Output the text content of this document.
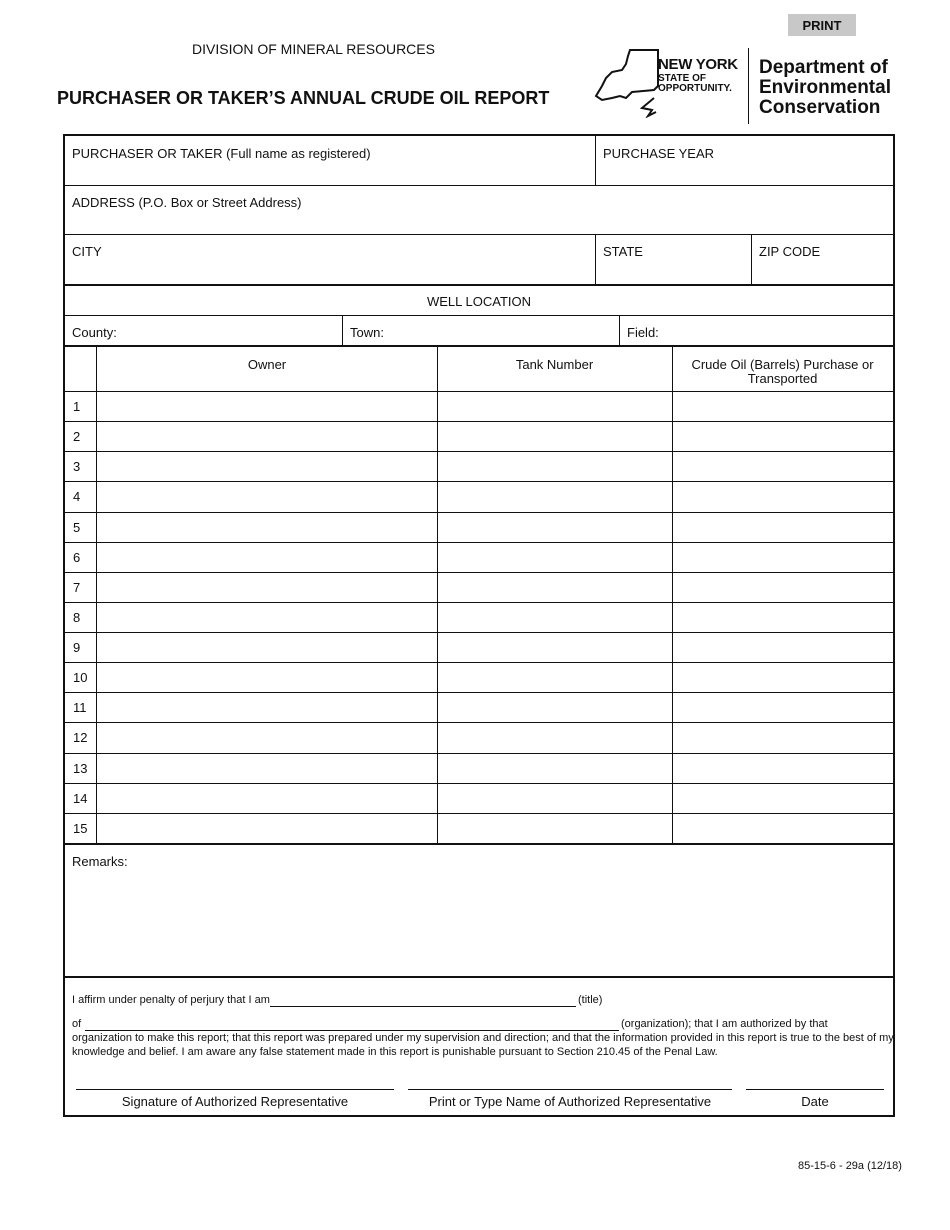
PRINT
DIVISION OF MINERAL RESOURCES
PURCHASER OR TAKER’S ANNUAL CRUDE OIL REPORT
NEW YORK
STATE OF
OPPORTUNITY.
Department of
Environmental
Conservation
PURCHASER OR TAKER (Full name as registered)	PURCHASE YEAR
ADDRESS (P.O. Box or Street Address)
CITY	STATE	ZIP CODE
WELL LOCATION
County:	Town:	Field:
Owner	Tank Number	Crude Oil (Barrels) Purchase or
Transported
1
2
3
4
5
6
7
8
9
10
11
12
13
14
15
Remarks:
I affirm under penalty of perjury that I am	(title)
of	(organization); that I am authorized by that
organization to make this report; that this report was prepared under my supervision and direction; and that the information provided in this report is true to the best of my
knowledge and belief. I am aware any false statement made in this report is punishable pursuant to Section 210.45 of the Penal Law.
Signature of Authorized Representative	Print or Type Name of Authorized Representative	Date
85-15-6 - 29a (12/18)
